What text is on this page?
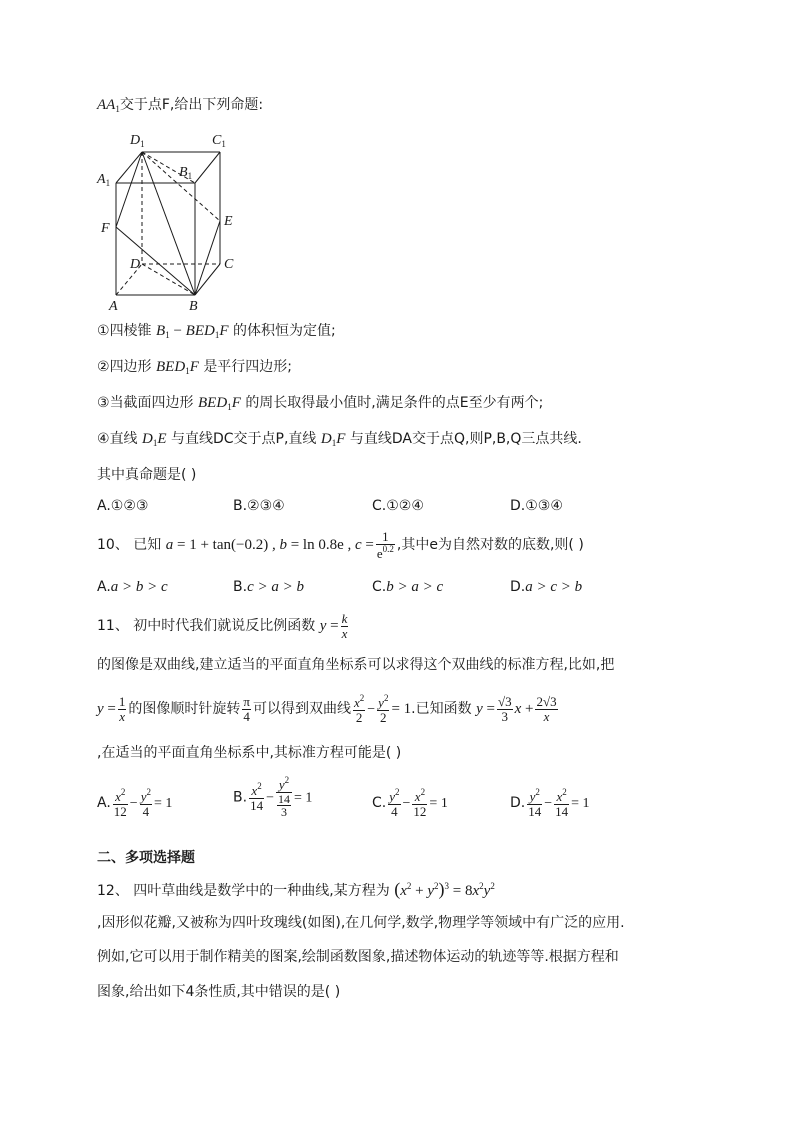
$AA_1$交于点F,给出下列命题:
$D_1$	$C_1$
$A_1$
$B_1$
F	E
D	C
A	B
①四棱锥 $B_1 - BED_1F$ 的体积恒为定值;
②四边形 $BED_1F$ 是平行四边形;
③当截面四边形 $BED_1F$ 的周长取得最小值时,满足条件的点E至少有两个;
④直线 $D_1E$ 与直线DC交于点P,直线 $D_1F$ 与直线DA交于点Q,则P,B,Q三点共线.
其中真命题是( )
A.①②③	B.②③④	C.①②④	D.①③④
10、 已知 a = 1 + tan(−0.2) , b = ln 0.8e , $c = \frac{1}{e^{0.2}}$ ,其中e为自然对数的底数,则( )
A.a > b > c	B.c > a > b	C.b > a > c	D.a > c > b
11、 初中时代我们就说反比例函数 $y = \frac{k}{x}$
的图像是双曲线,建立适当的平面直角坐标系可以求得这个双曲线的标准方程,比如,把
$y = \frac{1}{x}$ 的图像顺时针旋转 $\frac{\pi}{4}$ 可以得到双曲线 $\frac{x^2}{2} - \frac{y^2}{2} = 1$.已知函数 $y = \frac{√3}{3}$ $x + \frac{2√3}{x}$
,在适当的平面直角坐标系中,其标准方程可能是( )
A. $\frac{x^2}{12} - \frac{y^2}{4} = 1$	B. $\frac{x^2}{14} - y^2$
14
3 = 1	C. $\frac{y^2}{4} - \frac{x^2}{12} = 1$	D. $\frac{y^2}{14} - \frac{x^2}{14} = 1$
二、多项选择题
12、 四叶草曲线是数学中的一种曲线,某方程为 $(x^2 + y^2)^3 = 8x^2y^2$
,因形似花瓣,又被称为四叶玫瑰线(如图),在几何学,数学,物理学等领域中有广泛的应用.
例如,它可以用于制作精美的图案,绘制函数图象,描述物体运动的轨迹等等.根据方程和
图象,给出如下4条性质,其中错误的是( )
